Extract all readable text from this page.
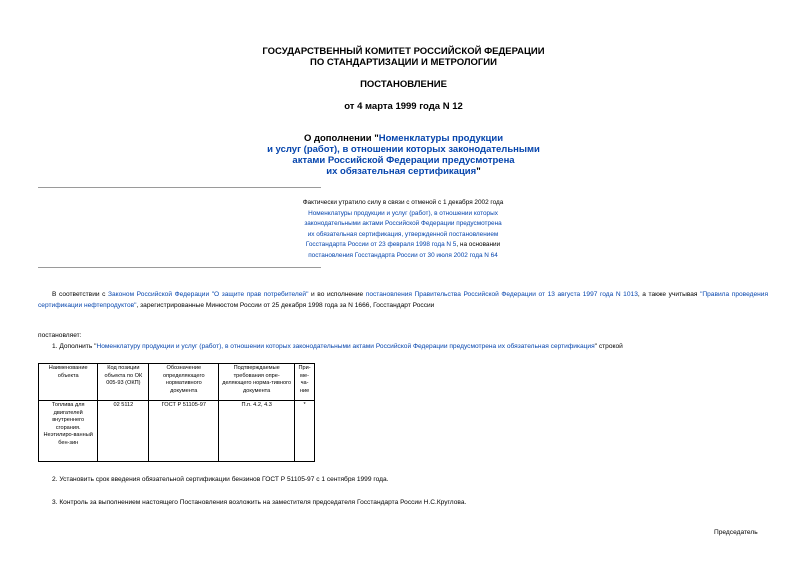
ГОСУДАРСТВЕННЫЙ КОМИТЕТ РОССИЙСКОЙ ФЕДЕРАЦИИ
ПО СТАНДАРТИЗАЦИИ И МЕТРОЛОГИИ
ПОСТАНОВЛЕНИЕ
от 4 марта 1999 года N 12
О дополнении "Номенклатуры продукции
и услуг (работ), в отношении которых законодательными
актами Российской Федерации предусмотрена
их обязательная сертификация"
Фактически утратило силу в связи с отменой с 1 декабря 2002 года
Номенклатуры продукции и услуг (работ), в отношении которых
законодательными актами Российской Федерации предусмотрена
их обязательная сертификация, утвержденной постановлением
Госстандарта России от 23 февраля 1998 года N 5, на основании
постановления Госстандарта России от 30 июля 2002 года N 64
В соответствии с Законом Российской Федерации "О защите прав потребителей" и во исполнение постановления Правительства Российской Федерации от 13 августа 1997 года N 1013, а также учитывая "Правила проведения сертификации нефтепродуктов", зарегистрированные Минюстом России от 25 декабря 1998 года за N 1666, Госстандарт России
постановляет:
1. Дополнить "Номенклатуру продукции и услуг (работ), в отношении которых законодательными актами Российской Федерации предусмотрена их обязательная сертификация" строкой
Наименование объекта	Код позиции объекта по ОК 005-93 (ОКП)	Обозначение определяющего нормативного документа	Подтверждаемые требования опре-деляющего норма-тивного документа	При-ме-ча-ние
Топлива для двигателей внутреннего сгорания. Неэтилиро-ванный бен-зин	02 5112	ГОСТ Р 51105-97	П.п. 4.2, 4.3	*
2. Установить срок введения обязательной сертификации бензинов ГОСТ Р 51105-97 с 1 сентября 1999 года.
3. Контроль за выполнением настоящего Постановления возложить на заместителя председателя Госстандарта России Н.С.Круглова.
Председатель
